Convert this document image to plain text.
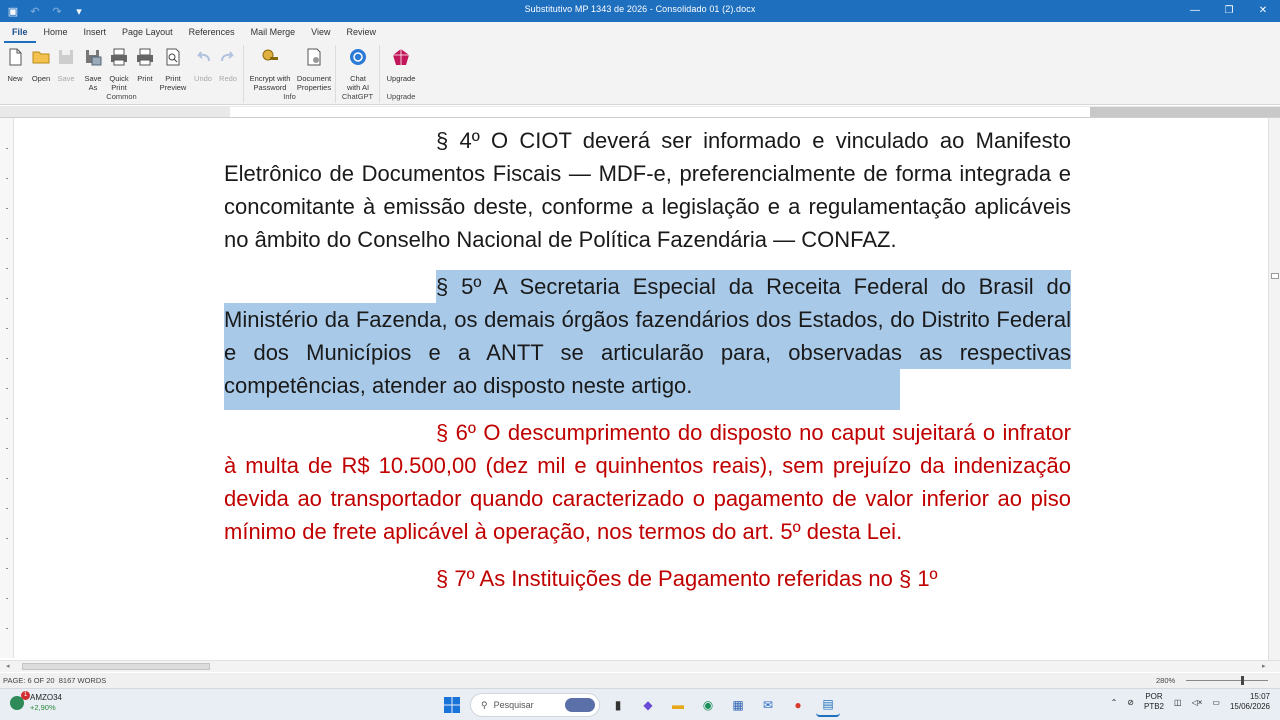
▣ ↶ ↷	▾	Substitutivo MP 1343 de 2026 - Consolidado 01 (2).docx	—	❐	✕
File	Home	Insert	Page Layout	References	Mail Merge	View	Review
New	Open Save	Save
As
Quick
Print
Print	Print
Preview
Undo Redo
Common
Encrypt with
Password
Document
Properties
Info
Chat
with AI
ChatGPT
Upgrade
Upgrade

§ 4º O CIOT deverá ser informado e vinculado ao Manifesto Eletrônico de Documentos Fiscais — MDF-e, preferencialmente de forma integrada e concomitante à emissão deste, conforme a legislação e a regulamentação aplicáveis no âmbito do Conselho Nacional de Política Fazendária — CONFAZ.

§ 5º A Secretaria Especial da Receita Federal do Brasil do Ministério da Fazenda, os demais órgãos fazendários dos Estados, do Distrito Federal e dos Municípios e a ANTT se articularão para, observadas as respectivas competências, atender ao disposto neste artigo.

§ 6º O descumprimento do disposto no caput sujeitará o infrator à multa de R$ 10.500,00 (dez mil e quinhentos reais), sem prejuízo da indenização devida ao transportador quando caracterizado o pagamento de valor inferior ao piso mínimo de frete aplicável à operação, nos termos do art. 5º desta Lei.

§ 7º As Instituições de Pagamento referidas no § 1º

◂	▸
PAGE: 6 OF 20 8167 WORDS	280%
1 AMZO34
+2,90%	⚲ Pesquisar	▮	◆	▬	◉	▦	✉	●	▤	⌃ ⊘
POR
PTB2 ◫ ◁× ▭
15:07
15/06/2026
